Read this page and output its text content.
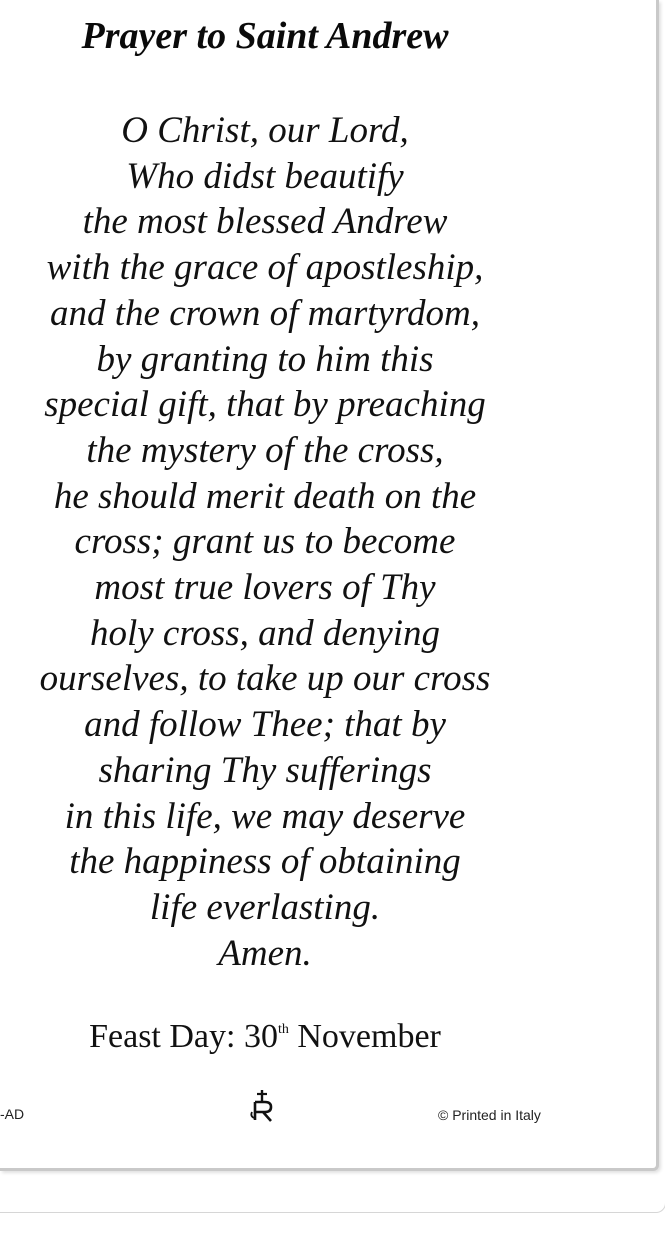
Prayer to Saint Andrew
O Christ, our Lord,
Who didst beautify
the most blessed Andrew
with the grace of apostleship,
and the crown of martyrdom,
by granting to him this
special gift, that by preaching
the mystery of the cross,
he should merit death on the
cross; grant us to become
most true lovers of Thy
holy cross, and denying
ourselves, to take up our cross
and follow Thee; that by
sharing Thy sufferings
in this life, we may deserve
the happiness of obtaining
life everlasting.
Amen.
Feast Day: 30th November
-AD	© Printed in Italy
